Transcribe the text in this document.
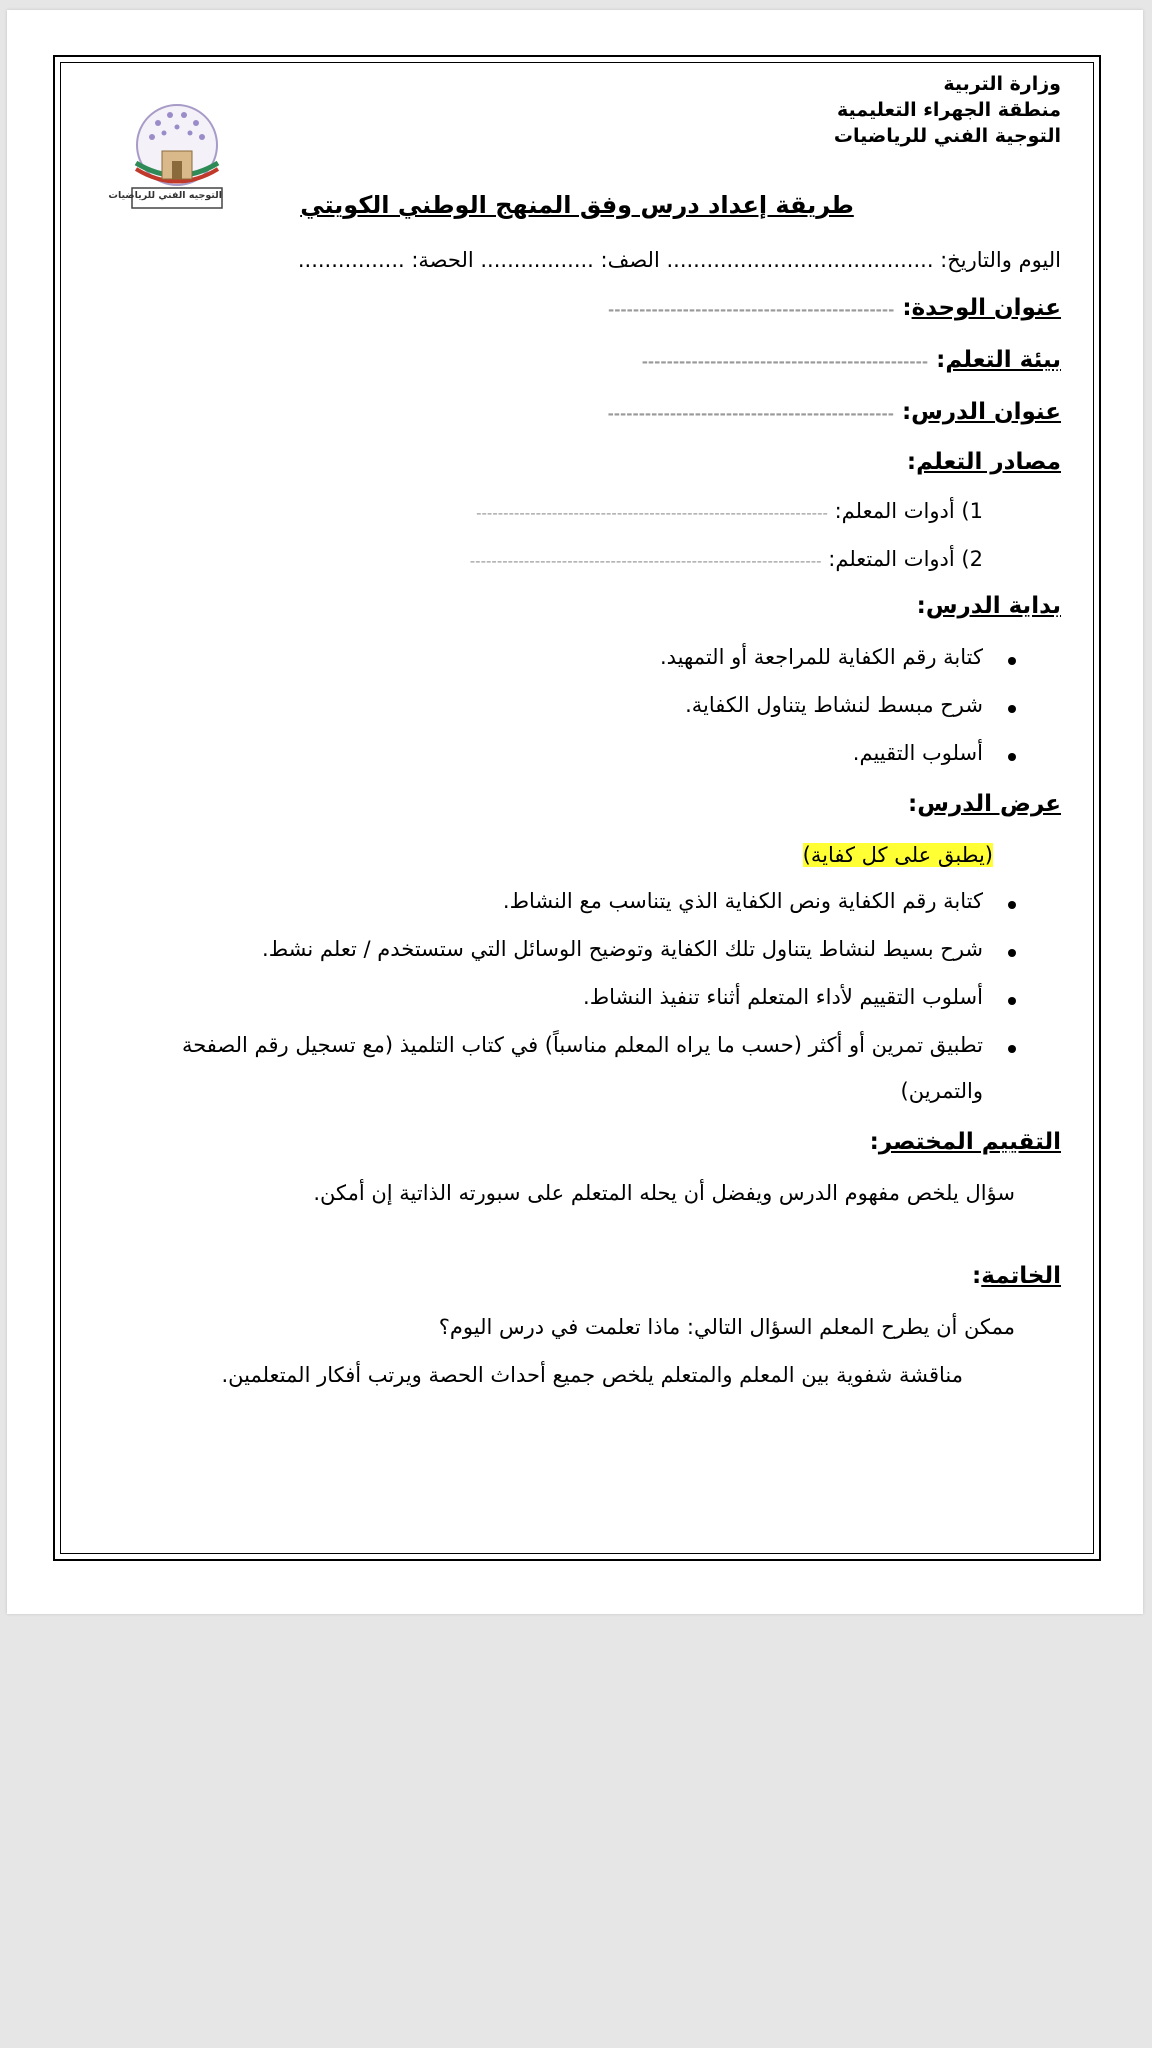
التوجيه الفني للرياضيات
وزارة التربية
منطقة الجهراء التعليمية
التوجية الفني للرياضيات
طريقة إعداد درس وفق المنهج الوطني الكويتي
اليوم والتاريخ: ........................................ الصف: ................. الحصة: ................
عنوان الوحدة: ----------------------------------------------
بيئة التعلم: ----------------------------------------------
عنوان الدرس: ----------------------------------------------
مصادر التعلم:
1) أدوات المعلم: -----------------------------------------------------------------
2) أدوات المتعلم: -----------------------------------------------------------------
بداية الدرس:
كتابة رقم الكفاية للمراجعة أو التمهيد.
شرح مبسط لنشاط يتناول الكفاية.
أسلوب التقييم.
عرض الدرس:
(يطبق على كل كفاية)
كتابة رقم الكفاية ونص الكفاية الذي يتناسب مع النشاط.
شرح بسيط لنشاط يتناول تلك الكفاية وتوضيح الوسائل التي ستستخدم / تعلم نشط.
أسلوب التقييم لأداء المتعلم أثناء تنفيذ النشاط.
تطبيق تمرين أو أكثر (حسب ما يراه المعلم مناسباً) في كتاب التلميذ (مع تسجيل رقم الصفحة
والتمرين)
التقييم المختصر:
سؤال يلخص مفهوم الدرس ويفضل أن يحله المتعلم على سبورته الذاتية إن أمكن.
الخاتمة:
ممكن أن يطرح المعلم السؤال التالي: ماذا تعلمت في درس اليوم؟
مناقشة شفوية بين المعلم والمتعلم يلخص جميع أحداث الحصة ويرتب أفكار المتعلمين.
